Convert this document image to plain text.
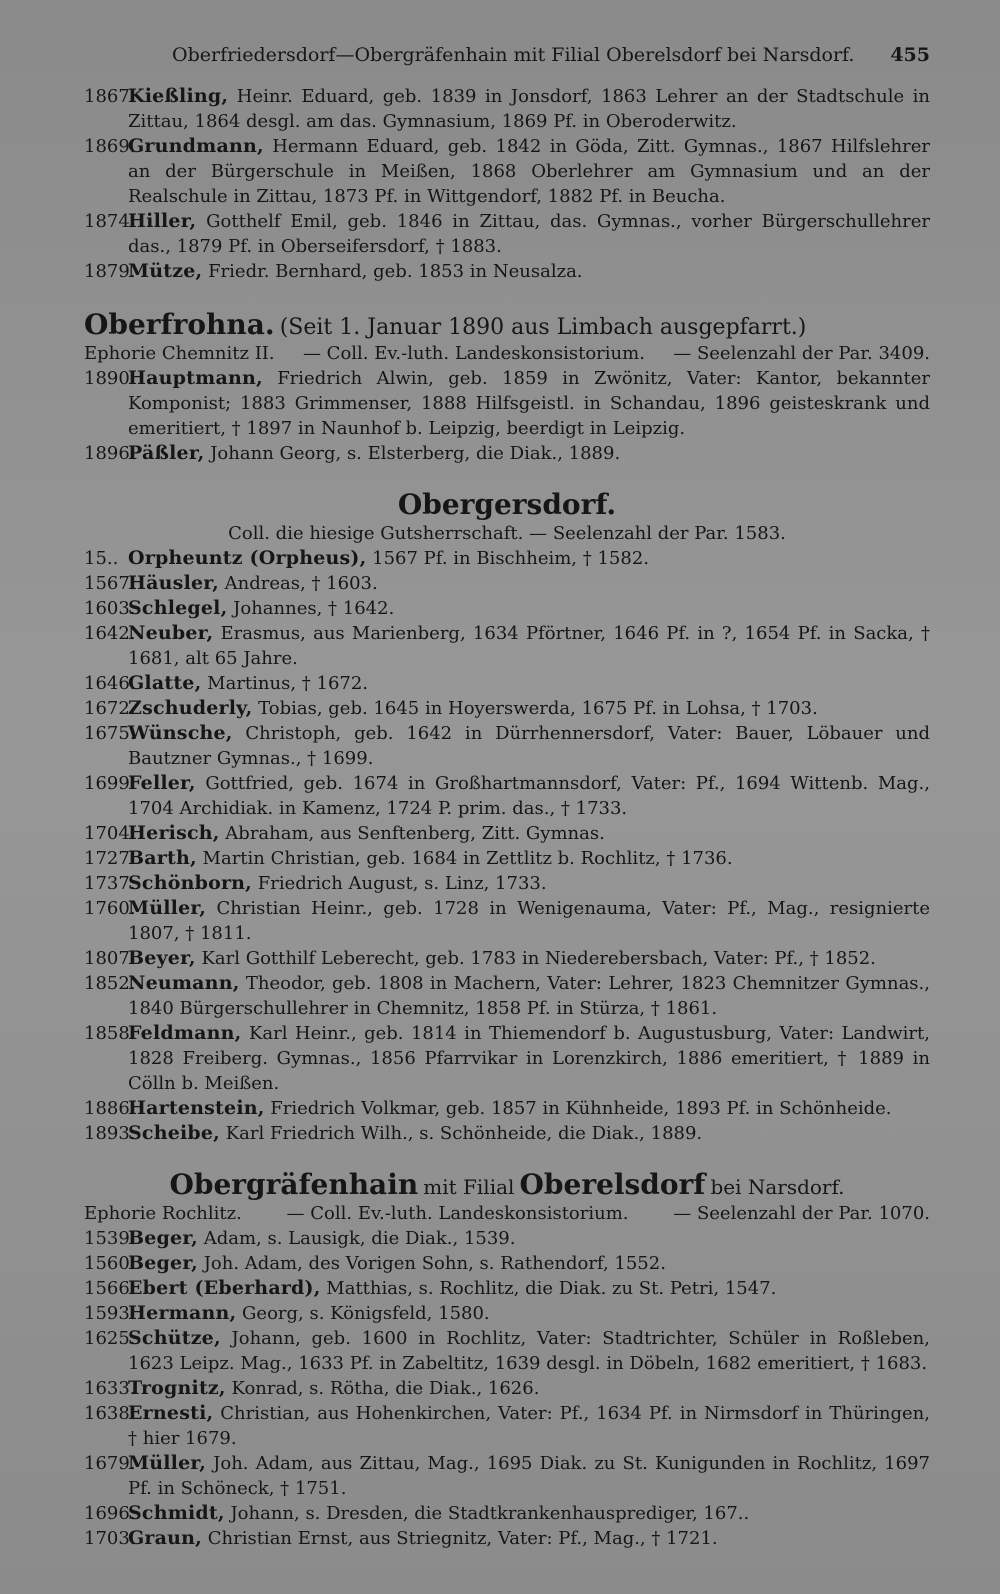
Oberfriedersdorf—Obergräfenhain mit Filial Oberelsdorf bei Narsdorf. 455
1867.Kießling, Heinr. Eduard, geb. 1839 in Jonsdorf, 1863 Lehrer an der Stadtschule in Zittau, 1864 desgl. am das. Gymnasium, 1869 Pf. in Oberoderwitz.
1869.Grundmann, Hermann Eduard, geb. 1842 in Göda, Zitt. Gymnas., 1867 Hilfslehrer an der Bürgerschule in Meißen, 1868 Oberlehrer am Gymnasium und an der Realschule in Zittau, 1873 Pf. in Wittgendorf, 1882 Pf. in Beucha.
1874.Hiller, Gotthelf Emil, geb. 1846 in Zittau, das. Gymnas., vorher Bürgerschullehrer das., 1879 Pf. in Oberseifersdorf, † 1883.
1879.Mütze, Friedr. Bernhard, geb. 1853 in Neusalza.
Oberfrohna. (Seit 1. Januar 1890 aus Limbach ausgepfarrt.)
Ephorie Chemnitz II. — Coll. Ev.-luth. Landeskonsistorium. — Seelenzahl der Par. 3409.
1890.Hauptmann, Friedrich Alwin, geb. 1859 in Zwönitz, Vater: Kantor, bekannter Komponist; 1883 Grimmenser, 1888 Hilfsgeistl. in Schandau, 1896 geisteskrank und emeritiert, † 1897 in Naunhof b. Leipzig, beerdigt in Leipzig.
1896.Päßler, Johann Georg, s. Elsterberg, die Diak., 1889.
Obergersdorf.
Coll. die hiesige Gutsherrschaft. — Seelenzahl der Par. 1583.
15.. Orpheuntz (Orpheus), 1567 Pf. in Bischheim, † 1582.
1567.Häusler, Andreas, † 1603.
1603.Schlegel, Johannes, † 1642.
1642.Neuber, Erasmus, aus Marienberg, 1634 Pförtner, 1646 Pf. in ?, 1654 Pf. in Sacka, † 1681, alt 65 Jahre.
1646.Glatte, Martinus, † 1672.
1672.Zschuderly, Tobias, geb. 1645 in Hoyerswerda, 1675 Pf. in Lohsa, † 1703.
1675.Wünsche, Christoph, geb. 1642 in Dürrhennersdorf, Vater: Bauer, Löbauer und Bautzner Gymnas., † 1699.
1699.Feller, Gottfried, geb. 1674 in Großhartmannsdorf, Vater: Pf., 1694 Wittenb. Mag., 1704 Archidiak. in Kamenz, 1724 P. prim. das., † 1733.
1704.Herisch, Abraham, aus Senftenberg, Zitt. Gymnas.
1727.Barth, Martin Christian, geb. 1684 in Zettlitz b. Rochlitz, † 1736.
1737.Schönborn, Friedrich August, s. Linz, 1733.
1760.Müller, Christian Heinr., geb. 1728 in Wenigenauma, Vater: Pf., Mag., resignierte 1807, † 1811.
1807.Beyer, Karl Gotthilf Leberecht, geb. 1783 in Niederebersbach, Vater: Pf., † 1852.
1852.Neumann, Theodor, geb. 1808 in Machern, Vater: Lehrer, 1823 Chemnitzer Gymnas., 1840 Bürgerschullehrer in Chemnitz, 1858 Pf. in Stürza, † 1861.
1858.Feldmann, Karl Heinr., geb. 1814 in Thiemendorf b. Augustusburg, Vater: Landwirt, 1828 Freiberg. Gymnas., 1856 Pfarrvikar in Lorenzkirch, 1886 emeritiert, † 1889 in Cölln b. Meißen.
1886.Hartenstein, Friedrich Volkmar, geb. 1857 in Kühnheide, 1893 Pf. in Schönheide.
1893.Scheibe, Karl Friedrich Wilh., s. Schönheide, die Diak., 1889.
Obergräfenhain mit Filial Oberelsdorf bei Narsdorf.
Ephorie Rochlitz. — Coll. Ev.-luth. Landeskonsistorium. — Seelenzahl der Par. 1070.
1539.Beger, Adam, s. Lausigk, die Diak., 1539.
1560.Beger, Joh. Adam, des Vorigen Sohn, s. Rathendorf, 1552.
1566.Ebert (Eberhard), Matthias, s. Rochlitz, die Diak. zu St. Petri, 1547.
1593.Hermann, Georg, s. Königsfeld, 1580.
1625.Schütze, Johann, geb. 1600 in Rochlitz, Vater: Stadtrichter, Schüler in Roßleben, 1623 Leipz. Mag., 1633 Pf. in Zabeltitz, 1639 desgl. in Döbeln, 1682 emeritiert, † 1683.
1633.Trognitz, Konrad, s. Rötha, die Diak., 1626.
1638.Ernesti, Christian, aus Hohenkirchen, Vater: Pf., 1634 Pf. in Nirmsdorf in Thüringen, † hier 1679.
1679.Müller, Joh. Adam, aus Zittau, Mag., 1695 Diak. zu St. Kunigunden in Rochlitz, 1697 Pf. in Schöneck, † 1751.
1696.Schmidt, Johann, s. Dresden, die Stadtkrankenhausprediger, 167..
1703.Graun, Christian Ernst, aus Striegnitz, Vater: Pf., Mag., † 1721.
